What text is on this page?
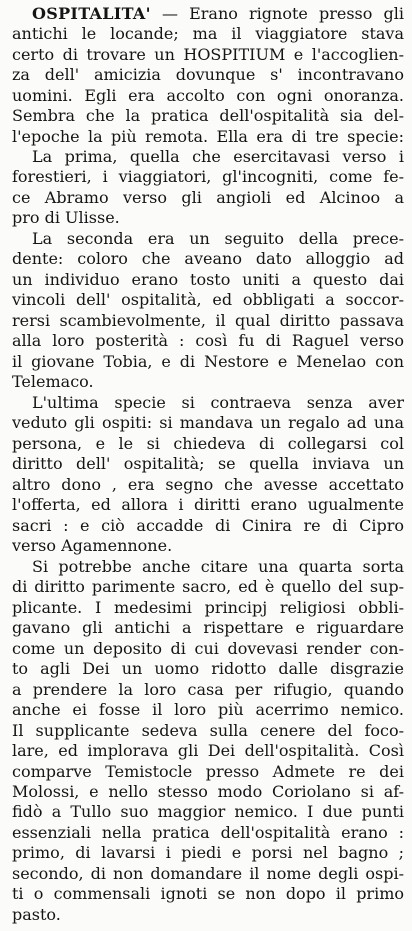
OSPITALITA' — Erano rignote presso gli
antichi le locande; ma il viaggiatore stava
certo di trovare un HOSPITIUM e l'accoglien-
za dell' amicizia dovunque s' incontravano
uomini. Egli era accolto con ogni onoranza.
Sembra che la pratica dell'ospitalità sia del-
l'epoche la più remota. Ella era di tre specie:

La prima, quella che esercitavasi verso i
forestieri, i viaggiatori, gl'incogniti, come fe-
ce Abramo verso gli angioli ed Alcinoo a
pro di Ulisse.

La seconda era un seguito della prece-
dente: coloro che aveano dato alloggio ad
un individuo erano tosto uniti a questo dai
vincoli dell' ospitalità, ed obbligati a soccor-
rersi scambievolmente, il qual diritto passava
alla loro posterità : così fu di Raguel verso
il giovane Tobia, e di Nestore e Menelao con
Telemaco.

L'ultima specie si contraeva senza aver
veduto gli ospiti: si mandava un regalo ad una
persona, e le si chiedeva di collegarsi col
diritto dell' ospitalità; se quella inviava un
altro dono , era segno che avesse accettato
l'offerta, ed allora i diritti erano ugualmente
sacri : e ciò accadde di Cinira re di Cipro
verso Agamennone.

Si potrebbe anche citare una quarta sorta
di diritto parimente sacro, ed è quello del sup-
plicante. I medesimi principj religiosi obbli-
gavano gli antichi a rispettare e riguardare
come un deposito di cui dovevasi render con-
to agli Dei un uomo ridotto dalle disgrazie
a prendere la loro casa per rifugio, quando
anche ei fosse il loro più acerrimo nemico.
Il supplicante sedeva sulla cenere del foco-
lare, ed implorava gli Dei dell'ospitalità. Così
comparve Temistocle presso Admete re dei
Molossi, e nello stesso modo Coriolano si af-
fidò a Tullo suo maggior nemico. I due punti
essenziali nella pratica dell'ospitalità erano :
primo, di lavarsi i piedi e porsi nel bagno ;
secondo, di non domandare il nome degli ospi-
ti o commensali ignoti se non dopo il primo
pasto.
